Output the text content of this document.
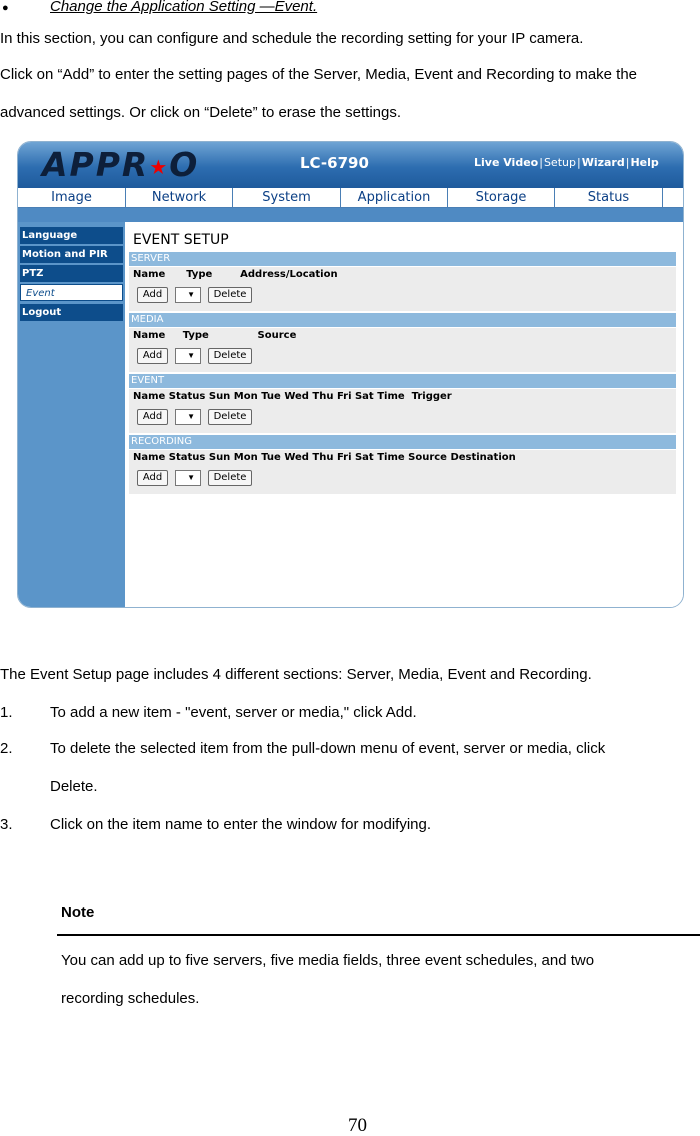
●	Change the Application Setting —Event.
In this section, you can configure and schedule the recording setting for your IP camera.
Click on “Add” to enter the setting pages of the Server, Media, Event and Recording to make the
advanced settings. Or click on “Delete” to erase the settings.
APPR★O	LC-6790	Live Video|Setup|Wizard|Help
Image	Network	System	Application	Storage	Status
Language
Motion and PIR
PTZ
Event
Logout
EVENT SETUP
SERVER
Name      Type        Address/Location
Add	▼	Delete
MEDIA
Name     Type              Source
Add	▼	Delete
EVENT
Name Status Sun Mon Tue Wed Thu Fri Sat Time  Trigger
Add	▼	Delete
RECORDING
Name Status Sun Mon Tue Wed Thu Fri Sat Time Source Destination
Add	▼	Delete
The Event Setup page includes 4 different sections: Server, Media, Event and Recording.
1. To add a new item - "event, server or media," click Add.
2. To delete the selected item from the pull-down menu of event, server or media, click
Delete.
3. Click on the item name to enter the window for modifying.
Note
You can add up to five servers, five media fields, three event schedules, and two
recording schedules.
70
